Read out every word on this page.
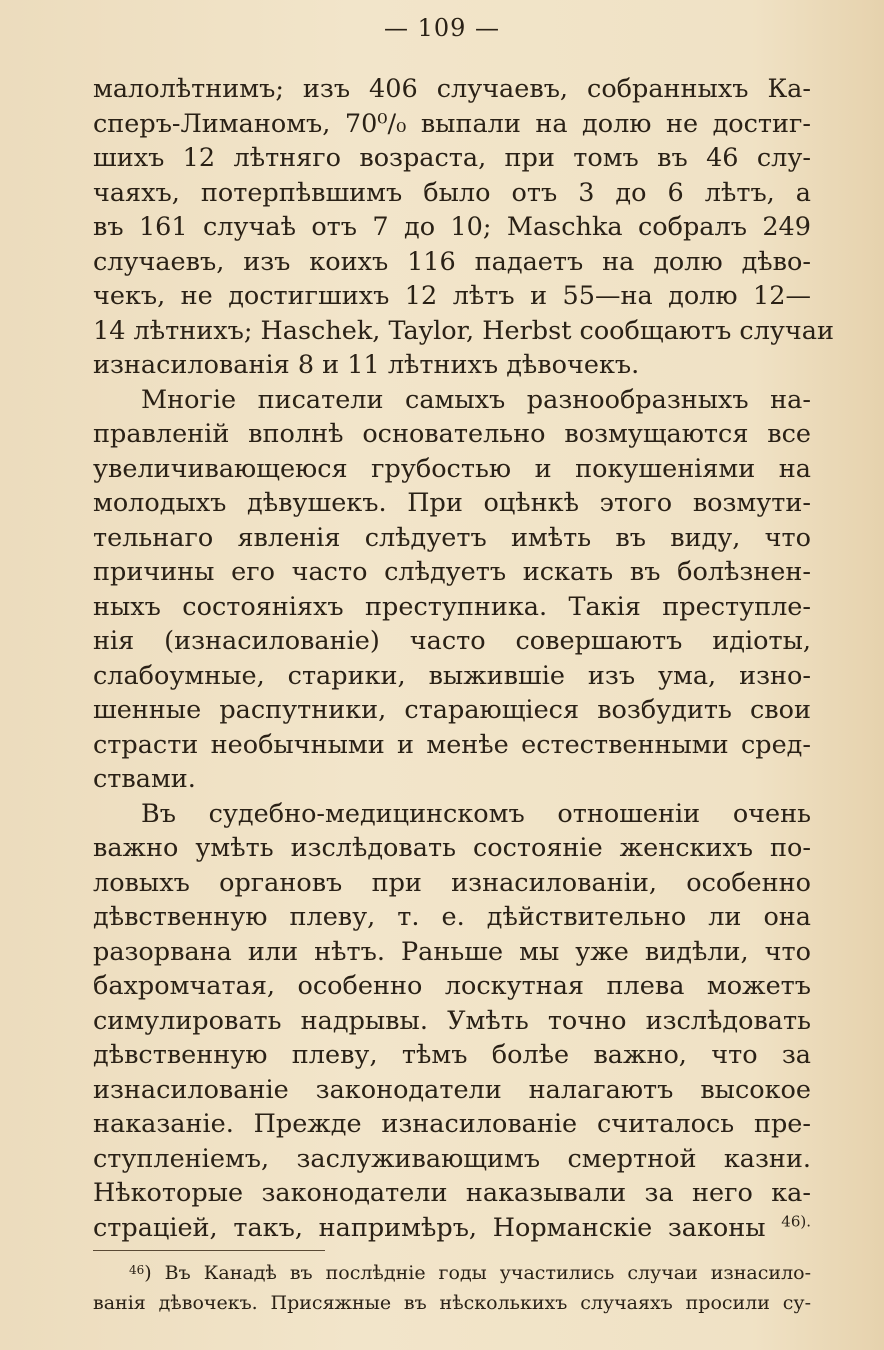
— 109 —
малолѣтнимъ; изъ 406 случаевъ, собранныхъ Ка-
сперъ-Лиманомъ, 70⁰/₀ выпали на долю не достиг-
шихъ 12 лѣтняго возраста, при томъ въ 46 слу-
чаяхъ, потерпѣвшимъ было отъ 3 до 6 лѣтъ, а
въ 161 случаѣ отъ 7 до 10; Maschka собралъ 249
случаевъ, изъ коихъ 116 падаетъ на долю дѣво-
чекъ, не достигшихъ 12 лѣтъ и 55—на долю 12—
14 лѣтнихъ; Haschek, Taylor, Herbst сообщаютъ случаи
изнасилованія 8 и 11 лѣтнихъ дѣвочекъ.
Многіе писатели самыхъ разнообразныхъ на-
правленій вполнѣ основательно возмущаются все
увеличивающеюся грубостью и покушеніями на
молодыхъ дѣвушекъ. При оцѣнкѣ этого возмути-
тельнаго явленія слѣдуетъ имѣть въ виду, что
причины его часто слѣдуетъ искать въ болѣзнен-
ныхъ состояніяхъ преступника. Такія преступле-
нія (изнасилованіе) часто совершаютъ идіоты,
слабоумные, старики, выжившіе изъ ума, изно-
шенные распутники, старающіеся возбудить свои
страсти необычными и менѣе естественными сред-
ствами.
Въ судебно-медицинскомъ отношеніи очень
важно умѣть изслѣдовать состояніе женскихъ по-
ловыхъ органовъ при изнасилованіи, особенно
дѣвственную плеву, т. е. дѣйствительно ли она
разорвана или нѣтъ. Раньше мы уже видѣли, что
бахромчатая, особенно лоскутная плева можетъ
симулировать надрывы. Умѣть точно изслѣдовать
дѣвственную плеву, тѣмъ болѣе важно, что за
изнасилованіе законодатели налагаютъ высокое
наказаніе. Прежде изнасилованіе считалось пре-
ступленіемъ, заслуживающимъ смертной казни.
Нѣкоторые законодатели наказывали за него ка-
страціей, такъ, напримѣръ, Норманскіе законы $^{46).}$
$^{46}$) Въ Канадѣ въ послѣдніе годы участились случаи изнасило-
ванія дѣвочекъ. Присяжные въ нѣсколькихъ случаяхъ просили су-
